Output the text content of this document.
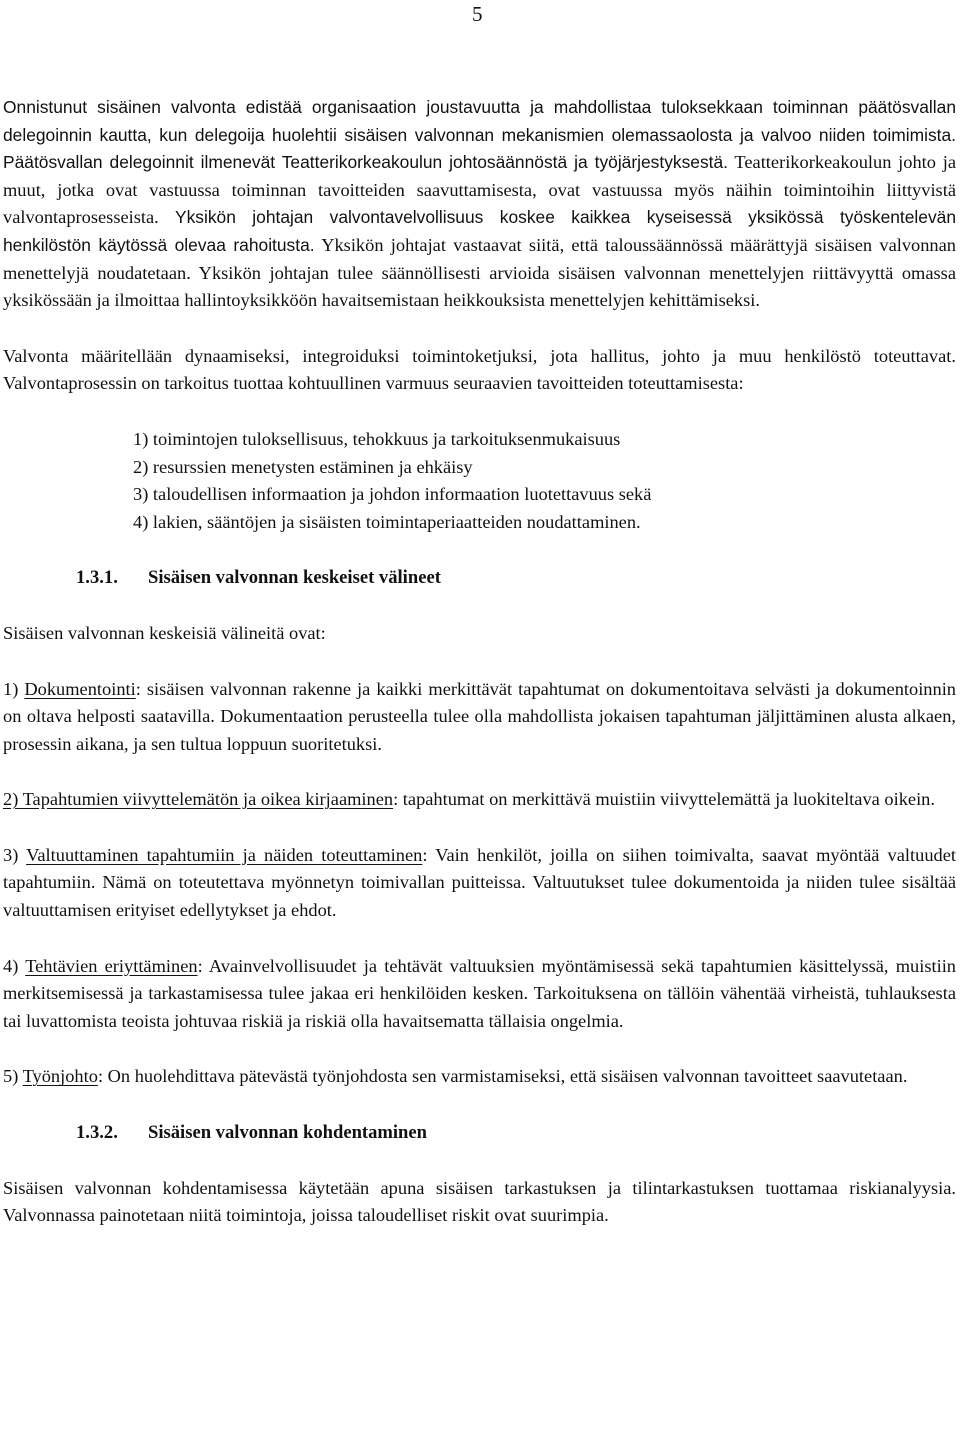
5

Onnistunut sisäinen valvonta edistää organisaation joustavuutta ja mahdollistaa tuloksekkaan toiminnan päätösvallan delegoinnin kautta, kun delegoija huolehtii sisäisen valvonnan mekanismien olemassaolosta ja valvoo niiden toimimista. Päätösvallan delegoinnit ilmenevät Teatterikorkeakoulun johtosäännöstä ja työjärjestyksestä. Teatterikorkeakoulun johto ja muut, jotka ovat vastuussa toiminnan tavoitteiden saavuttamisesta, ovat vastuussa myös näihin toimintoihin liittyvistä valvontaprosesseista. Yksikön johtajan valvontavelvollisuus koskee kaikkea kyseisessä yksikössä työskentelevän henkilöstön käytössä olevaa rahoitusta. Yksikön johtajat vastaavat siitä, että taloussäännössä määrättyjä sisäisen valvonnan menettelyjä noudatetaan. Yksikön johtajan tulee säännöllisesti arvioida sisäisen valvonnan menettelyjen riittävyyttä omassa yksikössään ja ilmoittaa hallintoyksikköön havaitsemistaan heikkouksista menettelyjen kehittämiseksi.

Valvonta määritellään dynaamiseksi, integroiduksi toimintoketjuksi, jota hallitus, johto ja muu henkilöstö toteuttavat. Valvontaprosessin on tarkoitus tuottaa kohtuullinen varmuus seuraavien tavoitteiden toteuttamisesta:

1) toimintojen tuloksellisuus, tehokkuus ja tarkoituksenmukaisuus
2) resurssien menetysten estäminen ja ehkäisy
3) taloudellisen informaation ja johdon informaation luotettavuus sekä
4) lakien, sääntöjen ja sisäisten toimintaperiaatteiden noudattaminen.
1.3.1. Sisäisen valvonnan keskeiset välineet

Sisäisen valvonnan keskeisiä välineitä ovat:

1) Dokumentointi: sisäisen valvonnan rakenne ja kaikki merkittävät tapahtumat on dokumentoitava selvästi ja dokumentoinnin on oltava helposti saatavilla. Dokumentaation perusteella tulee olla mahdollista jokaisen tapahtuman jäljittäminen alusta alkaen, prosessin aikana, ja sen tultua loppuun suoritetuksi.

2) Tapahtumien viivyttelemätön ja oikea kirjaaminen: tapahtumat on merkittävä muistiin viivyttelemättä ja luokiteltava oikein.

3) Valtuuttaminen tapahtumiin ja näiden toteuttaminen: Vain henkilöt, joilla on siihen toimivalta, saavat myöntää valtuudet tapahtumiin. Nämä on toteutettava myönnetyn toimivallan puitteissa. Valtuutukset tulee dokumentoida ja niiden tulee sisältää valtuuttamisen erityiset edellytykset ja ehdot.

4) Tehtävien eriyttäminen: Avainvelvollisuudet ja tehtävät valtuuksien myöntämisessä sekä tapahtumien käsittelyssä, muistiin merkitsemisessä ja tarkastamisessa tulee jakaa eri henkilöiden kesken. Tarkoituksena on tällöin vähentää virheistä, tuhlauksesta tai luvattomista teoista johtuvaa riskiä ja riskiä olla havaitsematta tällaisia ongelmia.

5) Työnjohto: On huolehdittava pätevästä työnjohdosta sen varmistamiseksi, että sisäisen valvonnan tavoitteet saavutetaan.

1.3.2. Sisäisen valvonnan kohdentaminen

Sisäisen valvonnan kohdentamisessa käytetään apuna sisäisen tarkastuksen ja tilintarkastuksen tuottamaa riskianalyysia. Valvonnassa painotetaan niitä toimintoja, joissa taloudelliset riskit ovat suurimpia.
